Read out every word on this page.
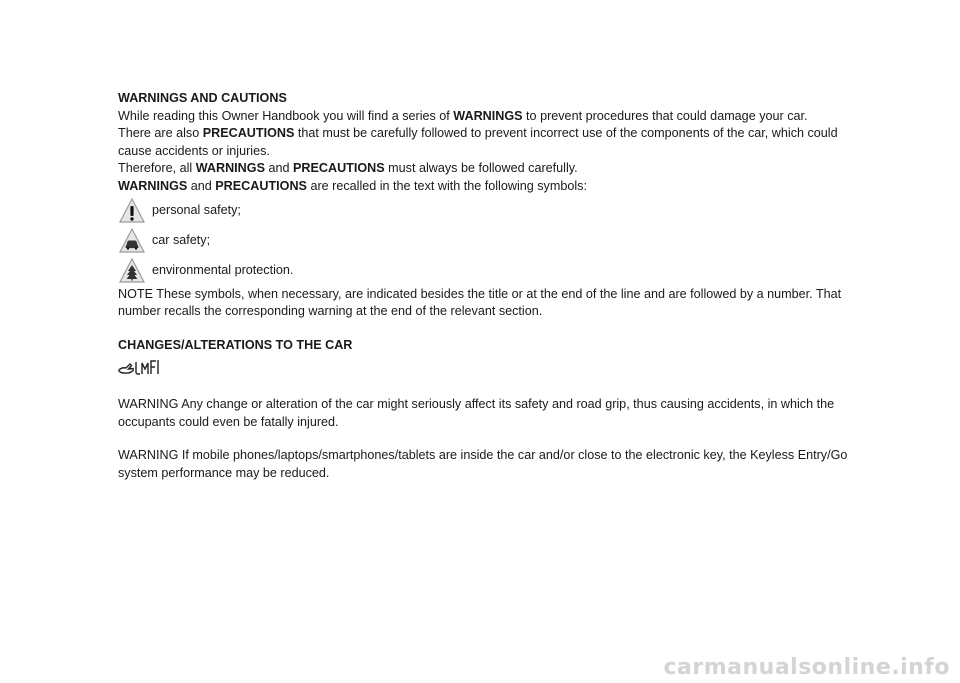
WARNINGS AND CAUTIONS

While reading this Owner Handbook you will find a series of WARNINGS to prevent procedures that could damage your car.

There are also PRECAUTIONS that must be carefully followed to prevent incorrect use of the components of the car, which could cause accidents or injuries.

Therefore, all WARNINGS and PRECAUTIONS must always be followed carefully.

WARNINGS and PRECAUTIONS are recalled in the text with the following symbols:

personal safety;
car safety;
environmental protection.

NOTE These symbols, when necessary, are indicated besides the title or at the end of the line and are followed by a number. That number recalls the corresponding warning at the end of the relevant section.

CHANGES/ALTERATIONS TO THE CAR

WARNING Any change or alteration of the car might seriously affect its safety and road grip, thus causing accidents, in which the occupants could even be fatally injured.

WARNING If mobile phones/laptops/smartphones/tablets are inside the car and/or close to the electronic key, the Keyless Entry/Go system performance may be reduced.

carmanualsonline.info
